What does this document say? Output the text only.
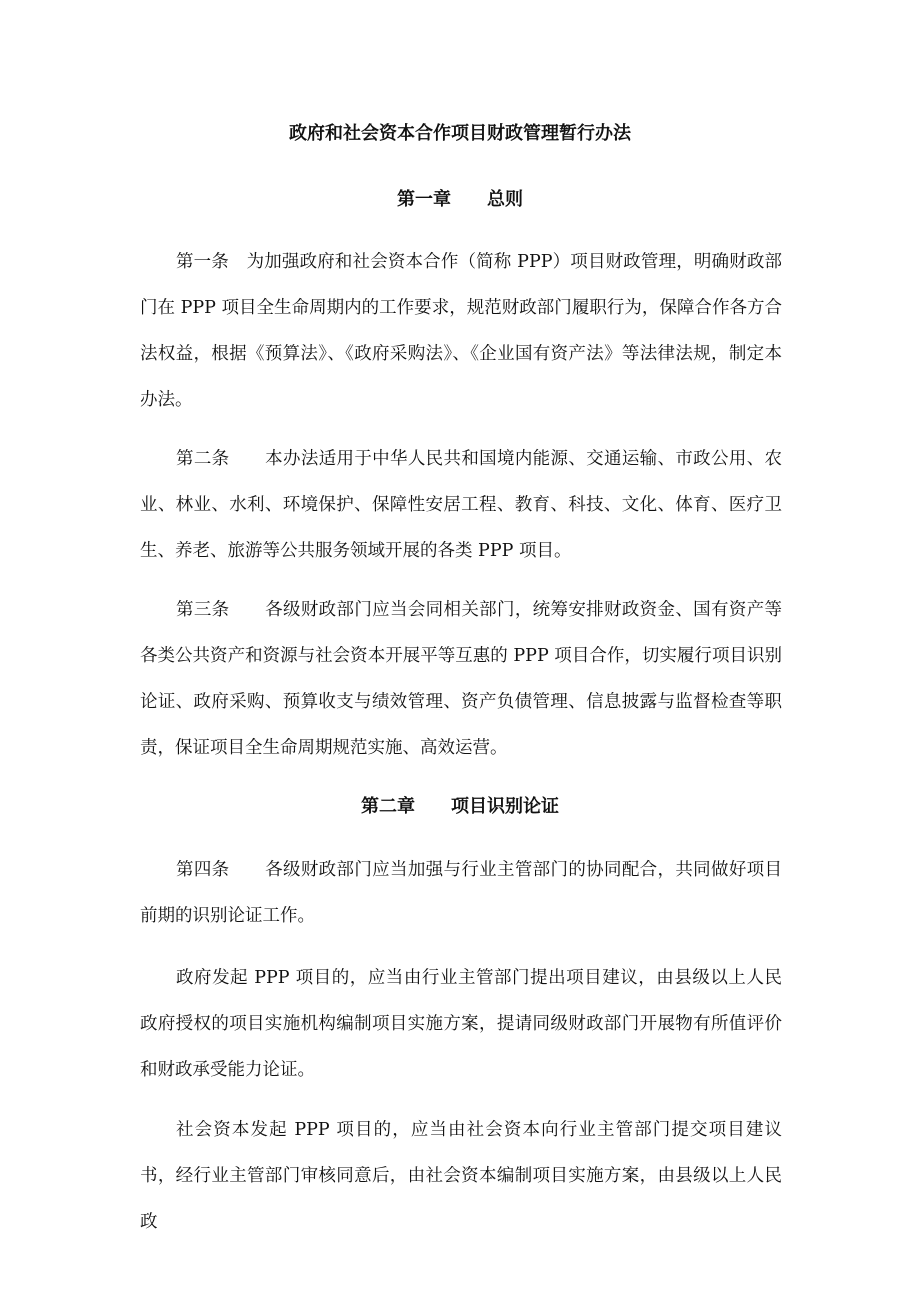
政府和社会资本合作项目财政管理暂行办法
第一章　　总则

第一条　为加强政府和社会资本合作（简称 PPP）项目财政管理，明确财政部门在 PPP 项目全生命周期内的工作要求，规范财政部门履职行为，保障合作各方合法权益，根据《预算法》、《政府采购法》、《企业国有资产法》等法律法规，制定本办法。

第二条　　本办法适用于中华人民共和国境内能源、交通运输、市政公用、农业、林业、水利、环境保护、保障性安居工程、教育、科技、文化、体育、医疗卫生、养老、旅游等公共服务领域开展的各类 PPP 项目。

第三条　　各级财政部门应当会同相关部门，统筹安排财政资金、国有资产等各类公共资产和资源与社会资本开展平等互惠的 PPP 项目合作，切实履行项目识别论证、政府采购、预算收支与绩效管理、资产负债管理、信息披露与监督检查等职责，保证项目全生命周期规范实施、高效运营。

第二章　　项目识别论证

第四条　　各级财政部门应当加强与行业主管部门的协同配合，共同做好项目前期的识别论证工作。

政府发起 PPP 项目的，应当由行业主管部门提出项目建议，由县级以上人民政府授权的项目实施机构编制项目实施方案，提请同级财政部门开展物有所值评价和财政承受能力论证。

社会资本发起 PPP 项目的，应当由社会资本向行业主管部门提交项目建议书，经行业主管部门审核同意后，由社会资本编制项目实施方案，由县级以上人民政
